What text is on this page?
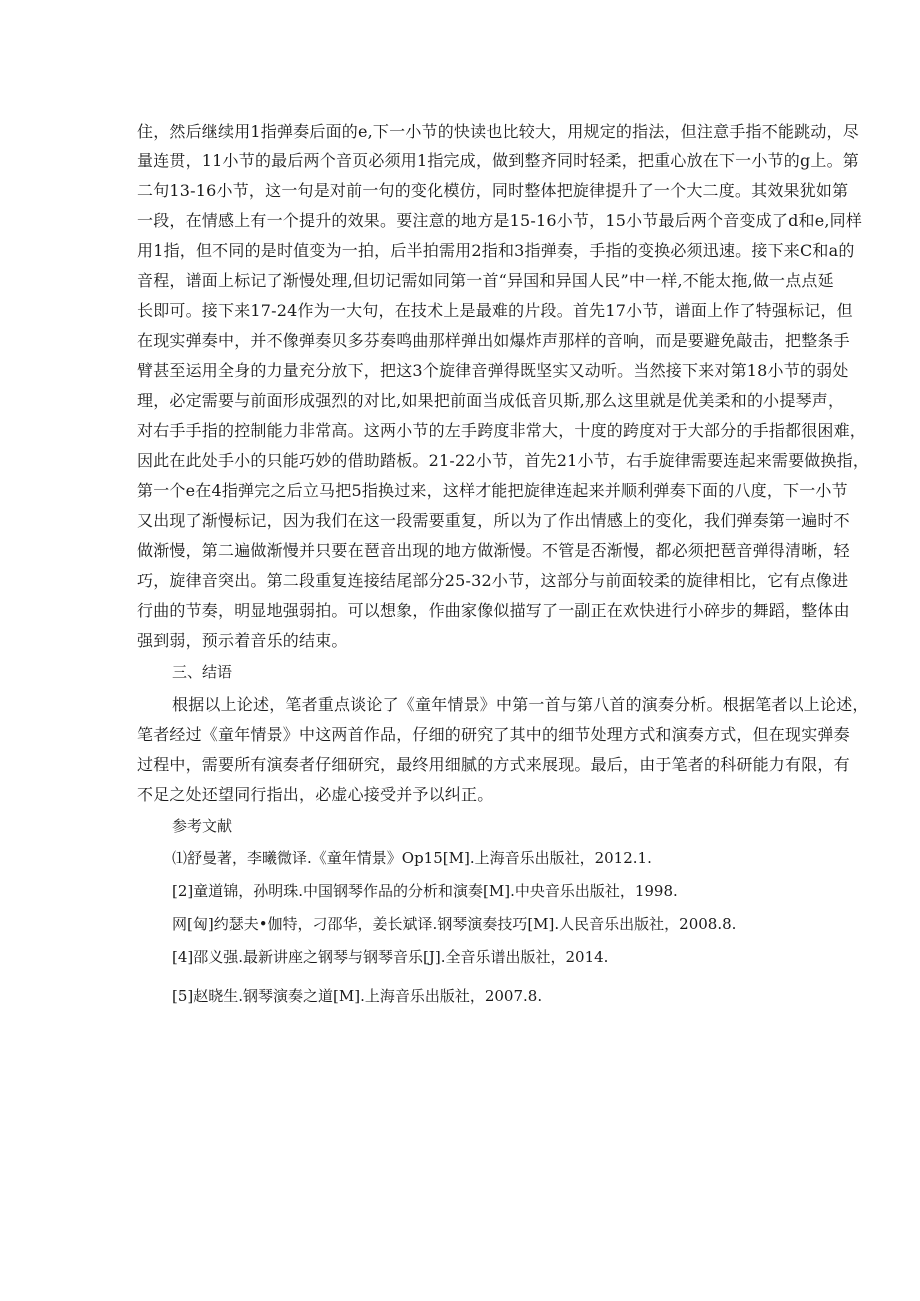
住，然后继续用1指弹奏后面的e,下一小节的快读也比较大，用规定的指法，但注意手指不能跳动，尽
量连贯，11小节的最后两个音页必须用1指完成，做到整齐同时轻柔，把重心放在下一小节的g上。第
二句13-16小节，这一句是对前一句的变化模仿，同时整体把旋律提升了一个大二度。其效果犹如第
一段，在情感上有一个提升的效果。要注意的地方是15-16小节，15小节最后两个音变成了d和e,同样
用1指，但不同的是时值变为一拍，后半拍需用2指和3指弹奏，手指的变换必须迅速。接下来C和a的
音程，谱面上标记了渐慢处理,但切记需如同第一首“异国和异国人民”中一样,不能太拖,做一点点延
长即可。接下来17-24作为一大句，在技术上是最难的片段。首先17小节，谱面上作了特强标记，但
在现实弹奏中，并不像弹奏贝多芬奏鸣曲那样弹出如爆炸声那样的音响，而是要避免敲击，把整条手
臂甚至运用全身的力量充分放下，把这3个旋律音弹得既坚实又动听。当然接下来对第18小节的弱处
理，必定需要与前面形成强烈的对比,如果把前面当成低音贝斯,那么这里就是优美柔和的小提琴声，
对右手手指的控制能力非常高。这两小节的左手跨度非常大，十度的跨度对于大部分的手指都很困难，
因此在此处手小的只能巧妙的借助踏板。21-22小节，首先21小节，右手旋律需要连起来需要做换指，
第一个e在4指弹完之后立马把5指换过来，这样才能把旋律连起来并顺利弹奏下面的八度，下一小节
又出现了渐慢标记，因为我们在这一段需要重复，所以为了作出情感上的变化，我们弹奏第一遍时不
做渐慢，第二遍做渐慢并只要在琶音出现的地方做渐慢。不管是否渐慢，都必须把琶音弹得清晰，轻
巧，旋律音突出。第二段重复连接结尾部分25-32小节，这部分与前面较柔的旋律相比，它有点像进
行曲的节奏，明显地强弱拍。可以想象，作曲家像似描写了一副正在欢快进行小碎步的舞蹈，整体由
强到弱，预示着音乐的结束。
三、结语
根据以上论述，笔者重点谈论了《童年情景》中第一首与第八首的演奏分析。根据笔者以上论述，
笔者经过《童年情景》中这两首作品，仔细的研究了其中的细节处理方式和演奏方式，但在现实弹奏
过程中，需要所有演奏者仔细研究，最终用细腻的方式来展现。最后，由于笔者的科研能力有限，有
不足之处还望同行指出，必虚心接受并予以纠正。
参考文献
⑴舒曼著，李曦微译.《童年情景》Op15[M].上海音乐出版社，2012.1.
[2]童道锦，孙明珠.中国钢琴作品的分析和演奏[M].中央音乐出版社，1998.
网[匈]约瑟夫•伽特，刁邵华，姜长斌译.钢琴演奏技巧[M].人民音乐出版社，2008.8.
[4]邵义强.最新讲座之钢琴与钢琴音乐[J].全音乐谱出版社，2014.
[5]赵晓生.钢琴演奏之道[M].上海音乐出版社，2007.8.
